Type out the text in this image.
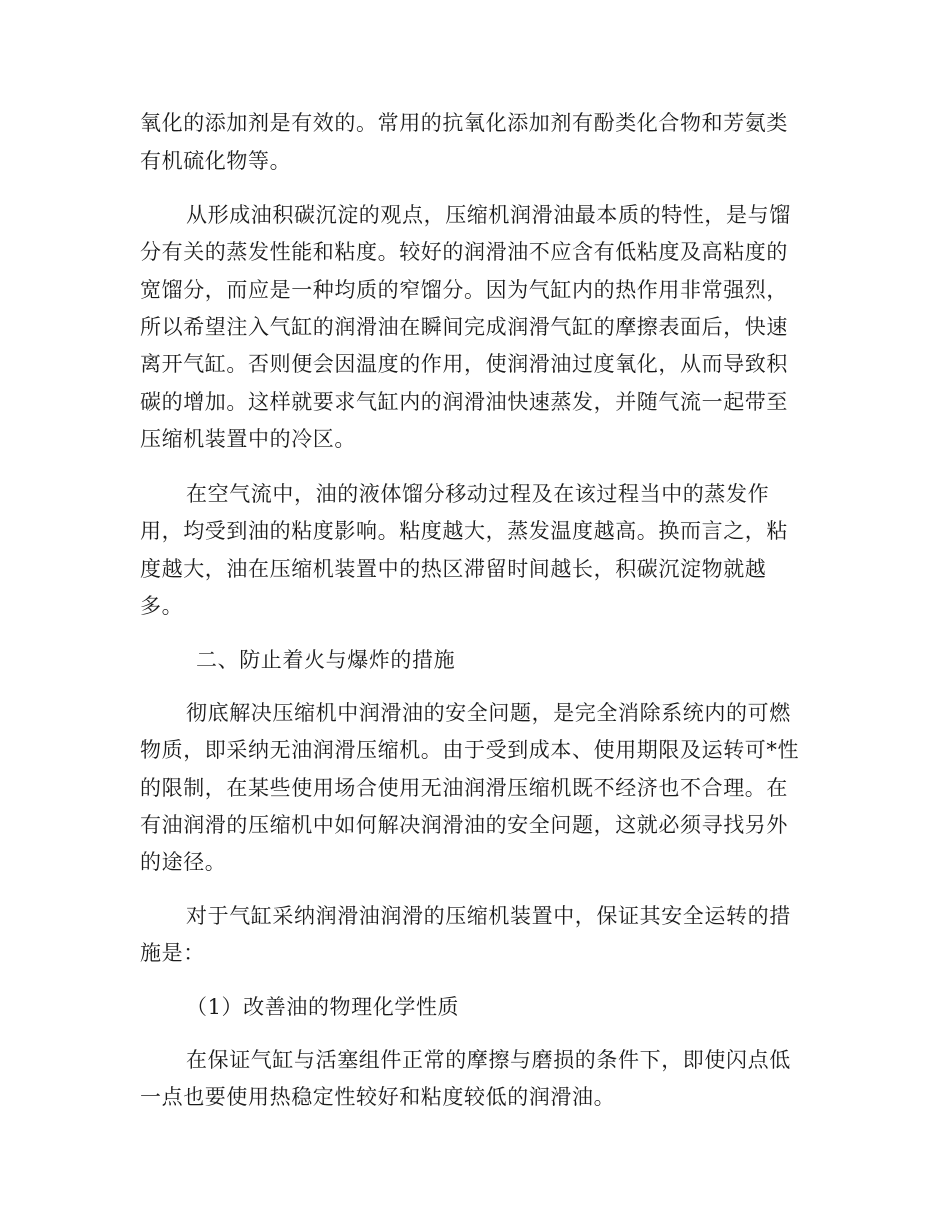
氧化的添加剂是有效的。常用的抗氧化添加剂有酚类化合物和芳氨类

有机硫化物等。

从形成油积碳沉淀的观点，压缩机润滑油最本质的特性，是与馏

分有关的蒸发性能和粘度。较好的润滑油不应含有低粘度及高粘度的

宽馏分，而应是一种均质的窄馏分。因为气缸内的热作用非常强烈，

所以希望注入气缸的润滑油在瞬间完成润滑气缸的摩擦表面后，快速

离开气缸。否则便会因温度的作用，使润滑油过度氧化，从而导致积

碳的增加。这样就要求气缸内的润滑油快速蒸发，并随气流一起带至

压缩机装置中的冷区。

在空气流中，油的液体馏分移动过程及在该过程当中的蒸发作

用，均受到油的粘度影响。粘度越大，蒸发温度越高。换而言之，粘

度越大，油在压缩机装置中的热区滞留时间越长，积碳沉淀物就越

多。

二、防止着火与爆炸的措施

彻底解决压缩机中润滑油的安全问题，是完全消除系统内的可燃

物质，即采纳无油润滑压缩机。由于受到成本、使用期限及运转可*性

的限制，在某些使用场合使用无油润滑压缩机既不经济也不合理。在

有油润滑的压缩机中如何解决润滑油的安全问题，这就必须寻找另外

的途径。

对于气缸采纳润滑油润滑的压缩机装置中，保证其安全运转的措

施是：

（1）改善油的物理化学性质

在保证气缸与活塞组件正常的摩擦与磨损的条件下，即使闪点低

一点也要使用热稳定性较好和粘度较低的润滑油。
